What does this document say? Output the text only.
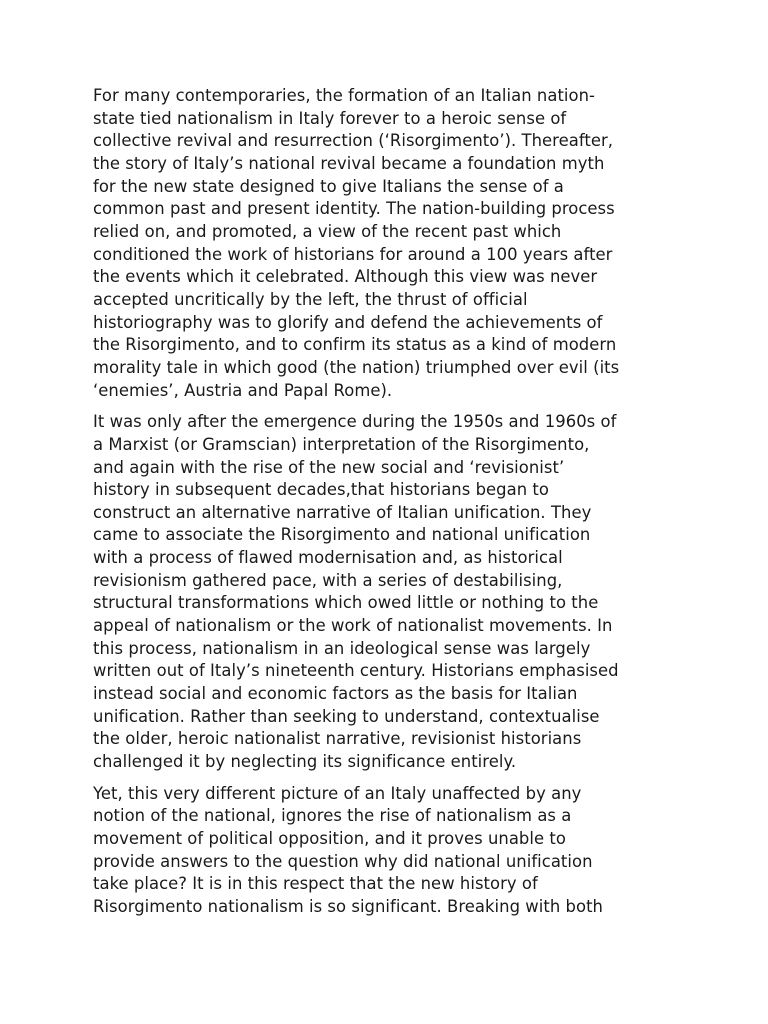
For many contemporaries, the formation of an Italian nation-
state tied nationalism in Italy forever to a heroic sense of
collective revival and resurrection (‘Risorgimento’). Thereafter,
the story of Italy’s national revival became a foundation myth
for the new state designed to give Italians the sense of a
common past and present identity. The nation-building process
relied on, and promoted, a view of the recent past which
conditioned the work of historians for around a 100 years after
the events which it celebrated. Although this view was never
accepted uncritically by the left, the thrust of official
historiography was to glorify and defend the achievements of
the Risorgimento, and to confirm its status as a kind of modern
morality tale in which good (the nation) triumphed over evil (its
‘enemies’, Austria and Papal Rome).

It was only after the emergence during the 1950s and 1960s of
a Marxist (or Gramscian) interpretation of the Risorgimento,
and again with the rise of the new social and ‘revisionist’
history in subsequent decades,that historians began to
construct an alternative narrative of Italian unification. They
came to associate the Risorgimento and national unification
with a process of flawed modernisation and, as historical
revisionism gathered pace, with a series of destabilising,
structural transformations which owed little or nothing to the
appeal of nationalism or the work of nationalist movements. In
this process, nationalism in an ideological sense was largely
written out of Italy’s nineteenth century. Historians emphasised
instead social and economic factors as the basis for Italian
unification. Rather than seeking to understand, contextualise
the older, heroic nationalist narrative, revisionist historians
challenged it by neglecting its significance entirely.

Yet, this very different picture of an Italy unaffected by any
notion of the national, ignores the rise of nationalism as a
movement of political opposition, and it proves unable to
provide answers to the question why did national unification
take place? It is in this respect that the new history of
Risorgimento nationalism is so significant. Breaking with both
